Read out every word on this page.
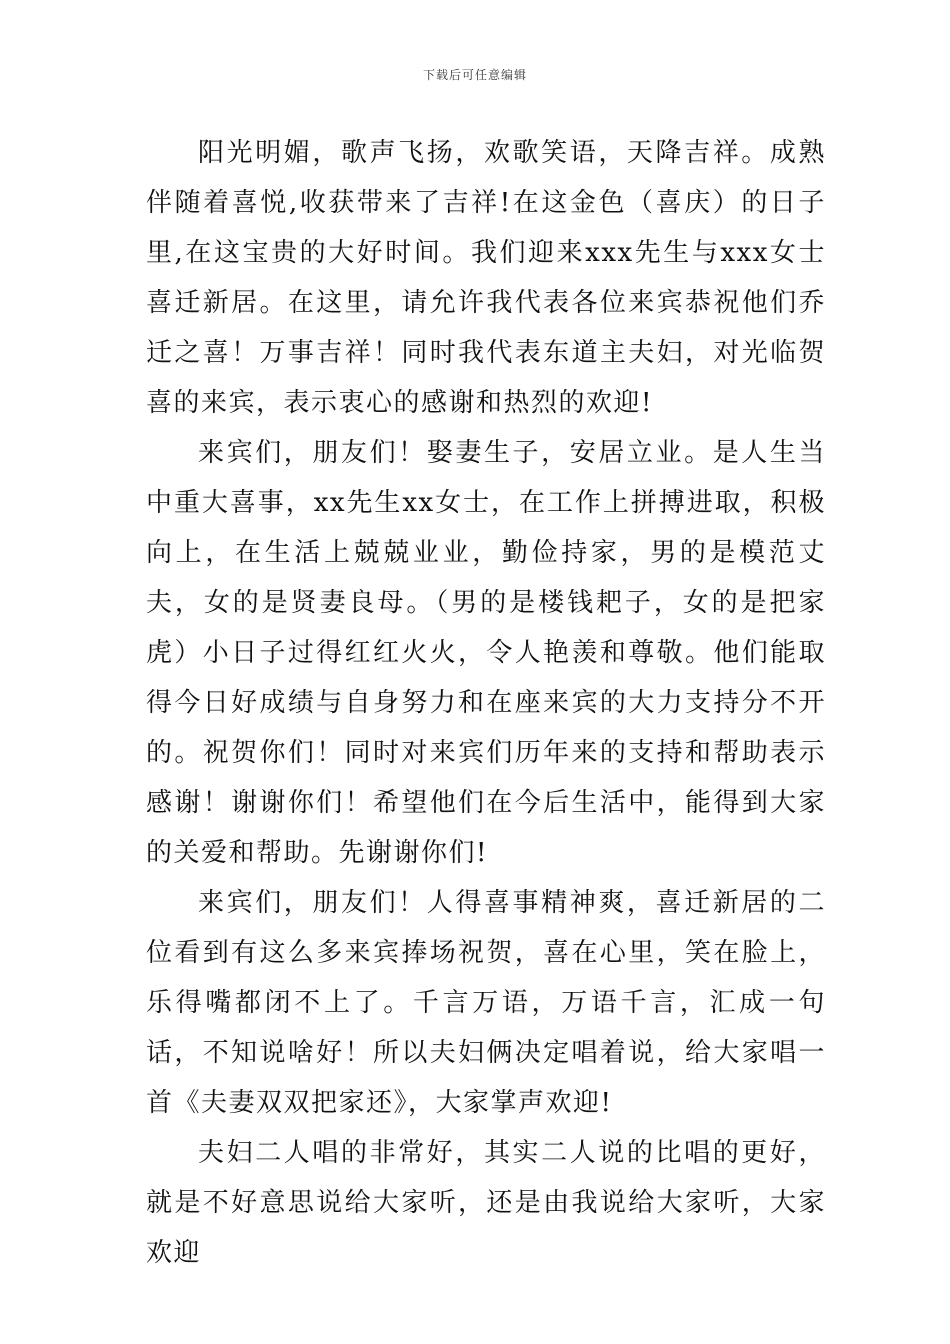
下载后可任意编辑

阳光明媚，歌声飞扬，欢歌笑语，天降吉祥。成熟伴随着喜悦,收获带来了吉祥!在这金色（喜庆）的日子里,在这宝贵的大好时间。我们迎来xxx先生与xxx女士喜迁新居。在这里，请允许我代表各位来宾恭祝他们乔迁之喜！万事吉祥！同时我代表东道主夫妇，对光临贺喜的来宾，表示衷心的感谢和热烈的欢迎!

来宾们，朋友们！娶妻生子，安居立业。是人生当中重大喜事，xx先生xx女士，在工作上拼搏进取，积极向上，在生活上兢兢业业，勤俭持家，男的是模范丈夫，女的是贤妻良母。（男的是楼钱耙子，女的是把家虎）小日子过得红红火火，令人艳羡和尊敬。他们能取得今日好成绩与自身努力和在座来宾的大力支持分不开的。祝贺你们！同时对来宾们历年来的支持和帮助表示感谢！谢谢你们！希望他们在今后生活中，能得到大家的关爱和帮助。先谢谢你们!

来宾们，朋友们！人得喜事精神爽，喜迁新居的二位看到有这么多来宾捧场祝贺，喜在心里，笑在脸上，乐得嘴都闭不上了。千言万语，万语千言，汇成一句话，不知说啥好！所以夫妇俩决定唱着说，给大家唱一首《夫妻双双把家还》，大家掌声欢迎!

夫妇二人唱的非常好，其实二人说的比唱的更好，就是不好意思说给大家听，还是由我说给大家听，大家欢迎
